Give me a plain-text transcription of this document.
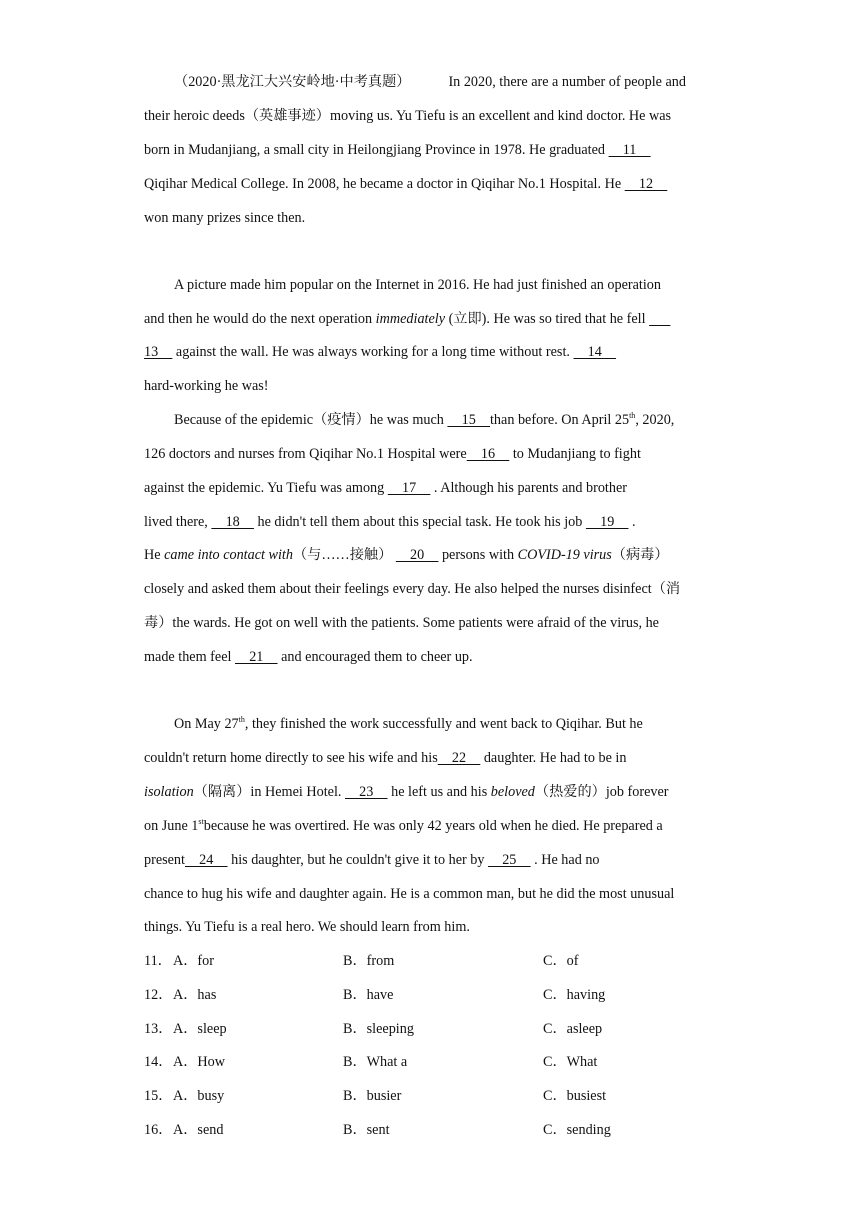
（2020·黑龙江大兴安岭地·中考真题）	In 2020, there are a number of people and
their heroic deeds（英雄事迹）moving us. Yu Tiefu is an excellent and kind doctor. He was
born in Mudanjiang, a small city in Heilongjiang Province in 1978. He graduated     11
Qiqihar Medical College. In 2008, he became a doctor in Qiqihar No.1 Hospital. He     12
won many prizes since then.
A picture made him popular on the Internet in 2016. He had just finished an operation
and then he would do the next operation immediately (立即). He was so tired that he fell
13     against the wall. He was always working for a long time without rest.     14
hard-working he was!
Because of the epidemic（疫情）he was much     15    than before. On April 25th, 2020,
126 doctors and nurses from Qiqihar No.1 Hospital were    16     to Mudanjiang to fight
against the epidemic. Yu Tiefu was among     17     . Although his parents and brother
lived there,     18     he didn't tell them about this special task. He took his job     19     .
He came into contact with（与……接触）     20     persons with COVID-19 virus（病毒）
closely and asked them about their feelings every day. He also helped the nurses disinfect（消
毒）the wards. He got on well with the patients. Some patients were afraid of the virus, he
made them feel     21     and encouraged them to cheer up.
On May 27th, they finished the work successfully and went back to Qiqihar. But he
couldn't return home directly to see his wife and his    22     daughter. He had to be in
isolation（隔离）in Hemei Hotel.     23     he left us and his beloved（热爱的）job forever
on June 1stbecause he was overtired. He was only 42 years old when he died. He prepared a
present    24     his daughter, but he couldn't give it to her by     25     . He had no
chance to hug his wife and daughter again. He is a common man, but he did the most unusual
things. Yu Tiefu is a real hero. We should learn from him.
11． A．for	B．from	C．of
12． A．has	B．have	C．having
13． A．sleep	B．sleeping	C．asleep
14． A．How	B．What a	C．What
15． A．busy	B．busier	C．busiest
16． A．send	B．sent	C．sending
